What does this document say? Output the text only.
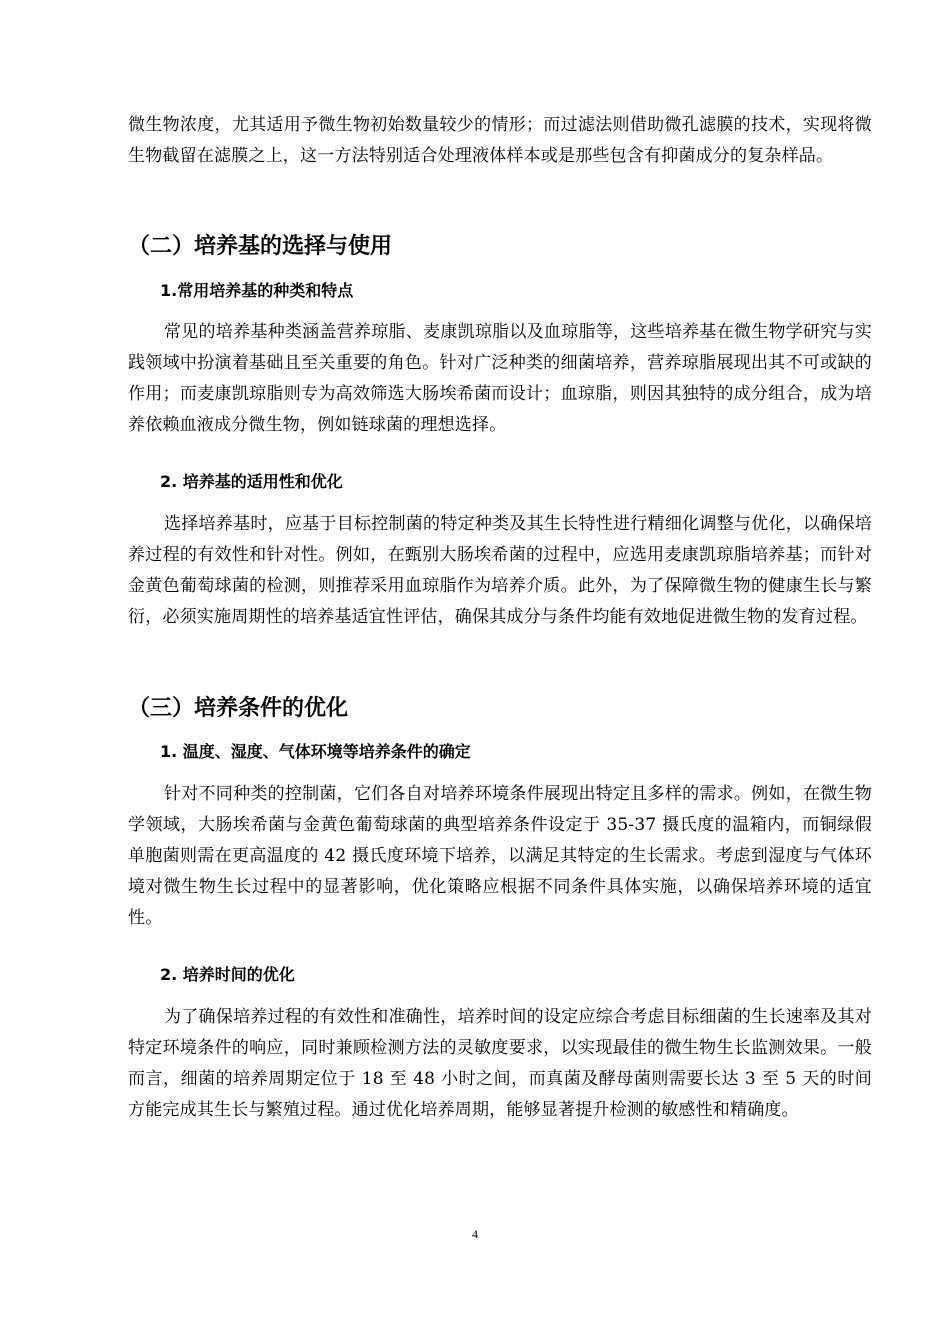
微生物浓度，尤其适用予微生物初始数量较少的情形；而过滤法则借助微孔滤膜的技术，实现将微生物截留在滤膜之上，这一方法特别适合处理液体样本或是那些包含有抑菌成分的复杂样品。

（二）培养基的选择与使用
1.常用培养基的种类和特点

常见的培养基种类涵盖营养琼脂、麦康凯琼脂以及血琼脂等，这些培养基在微生物学研究与实践领域中扮演着基础且至关重要的角色。针对广泛种类的细菌培养，营养琼脂展现出其不可或缺的作用；而麦康凯琼脂则专为高效筛选大肠埃希菌而设计；血琼脂，则因其独特的成分组合，成为培养依赖血液成分微生物，例如链球菌的理想选择。

2. 培养基的适用性和优化

选择培养基时，应基于目标控制菌的特定种类及其生长特性进行精细化调整与优化，以确保培养过程的有效性和针对性。例如，在甄别大肠埃希菌的过程中，应选用麦康凯琼脂培养基；而针对金黄色葡萄球菌的检测，则推荐采用血琼脂作为培养介质。此外，为了保障微生物的健康生长与繁衍，必须实施周期性的培养基适宜性评估，确保其成分与条件均能有效地促进微生物的发育过程。

（三）培养条件的优化
1. 温度、湿度、气体环境等培养条件的确定

针对不同种类的控制菌，它们各自对培养环境条件展现出特定且多样的需求。例如，在微生物学领域，大肠埃希菌与金黄色葡萄球菌的典型培养条件设定于 35-37 摄氏度的温箱内，而铜绿假单胞菌则需在更高温度的 42 摄氏度环境下培养，以满足其特定的生长需求。考虑到湿度与气体环境对微生物生长过程中的显著影响，优化策略应根据不同条件具体实施，以确保培养环境的适宜性。

2. 培养时间的优化

为了确保培养过程的有效性和准确性，培养时间的设定应综合考虑目标细菌的生长速率及其对特定环境条件的响应，同时兼顾检测方法的灵敏度要求，以实现最佳的微生物生长监测效果。一般而言，细菌的培养周期定位于 18 至 48 小时之间，而真菌及酵母菌则需要长达 3 至 5 天的时间方能完成其生长与繁殖过程。通过优化培养周期，能够显著提升检测的敏感性和精确度。

4
